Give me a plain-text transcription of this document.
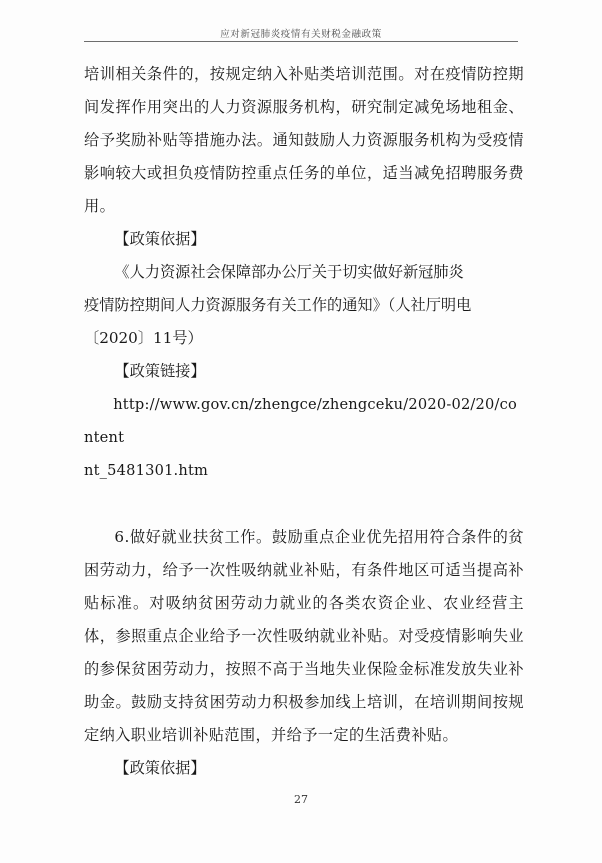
应对新冠肺炎疫情有关财税金融政策

培训相关条件的，按规定纳入补贴类培训范围。对在疫情防控期间发挥作用突出的人力资源服务机构，研究制定减免场地租金、给予奖励补贴等措施办法。通知鼓励人力资源服务机构为受疫情影响较大或担负疫情防控重点任务的单位，适当减免招聘服务费用。

【政策依据】

《人力资源社会保障部办公厅关于切实做好新冠肺炎

疫情防控期间人力资源服务有关工作的通知》（人社厅明电

〔2020〕11号）

【政策链接】

http://www.gov.cn/zhengce/zhengceku/2020-02/20/content

nt_5481301.htm

6.做好就业扶贫工作。鼓励重点企业优先招用符合条件的贫困劳动力，给予一次性吸纳就业补贴，有条件地区可适当提高补贴标准。对吸纳贫困劳动力就业的各类农资企业、农业经营主体，参照重点企业给予一次性吸纳就业补贴。对受疫情影响失业的参保贫困劳动力，按照不高于当地失业保险金标准发放失业补助金。鼓励支持贫困劳动力积极参加线上培训，在培训期间按规定纳入职业培训补贴范围，并给予一定的生活费补贴。

【政策依据】

27
